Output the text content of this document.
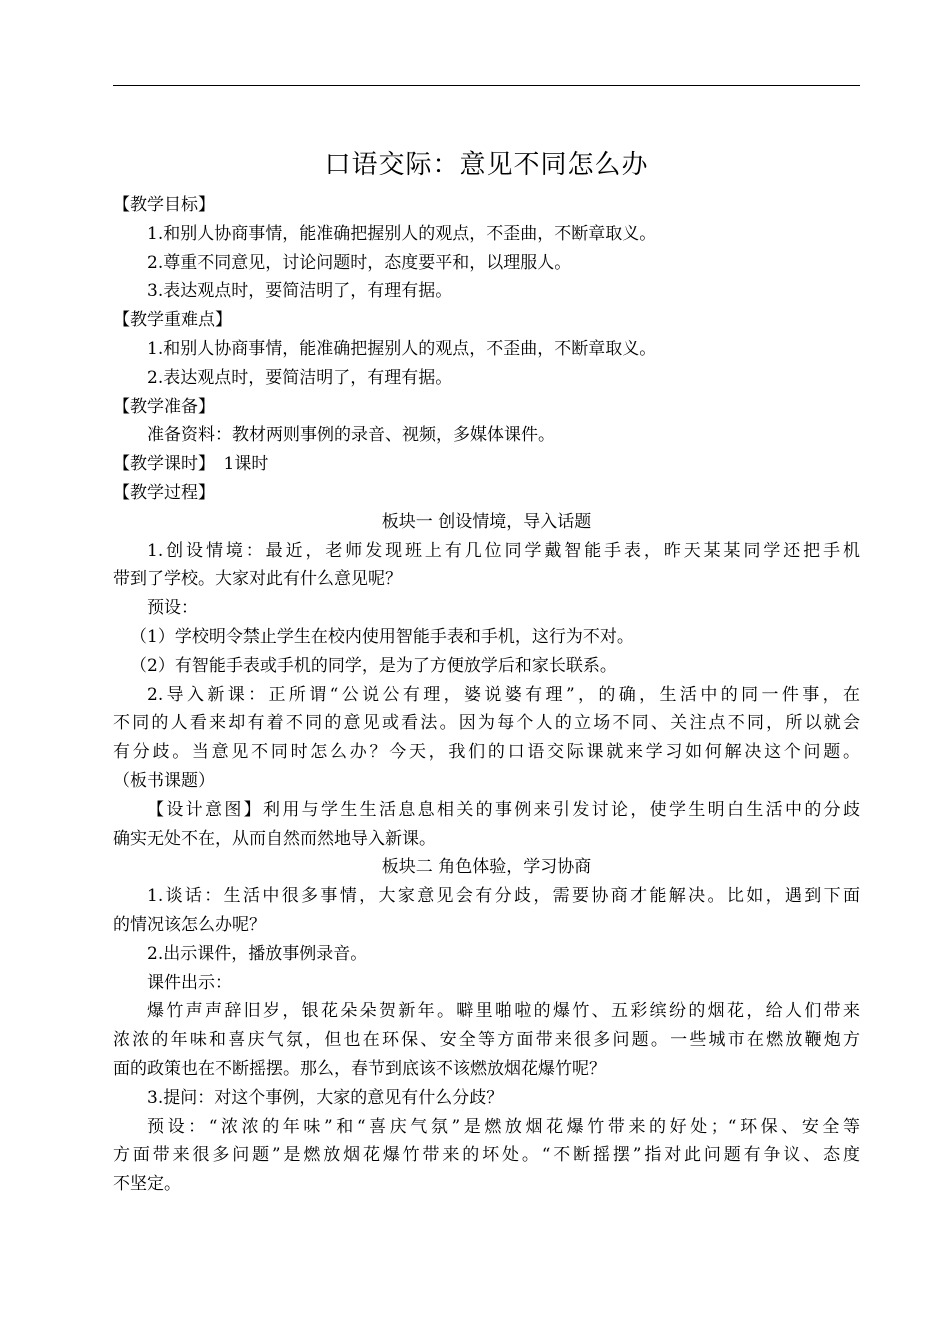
口语交际：意见不同怎么办
【教学目标】
1.和别人协商事情，能准确把握别人的观点，不歪曲，不断章取义。
2.尊重不同意见，讨论问题时，态度要平和，以理服人。
3.表达观点时，要简洁明了，有理有据。
【教学重难点】
1.和别人协商事情，能准确把握别人的观点，不歪曲，不断章取义。
2.表达观点时，要简洁明了，有理有据。
【教学准备】
准备资料：教材两则事例的录音、视频，多媒体课件。
【教学课时】　1课时
【教学过程】
板块一 创设情境，导入话题
1.创设情境：最近，老师发现班上有几位同学戴智能手表，昨天某某同学还把手机
带到了学校。大家对此有什么意见呢？
预设：
（1）学校明令禁止学生在校内使用智能手表和手机，这行为不对。
（2）有智能手表或手机的同学，是为了方便放学后和家长联系。
2.导入新课：正所谓“公说公有理，婆说婆有理”，的确，生活中的同一件事，在
不同的人看来却有着不同的意见或看法。因为每个人的立场不同、关注点不同，所以就会
有分歧。当意见不同时怎么办？今天，我们的口语交际课就来学习如何解决这个问题。
（板书课题）
【设计意图】利用与学生生活息息相关的事例来引发讨论，使学生明白生活中的分歧
确实无处不在，从而自然而然地导入新课。
板块二 角色体验，学习协商
1.谈话：生活中很多事情，大家意见会有分歧，需要协商才能解决。比如，遇到下面
的情况该怎么办呢？
2.出示课件，播放事例录音。
课件出示：
爆竹声声辞旧岁，银花朵朵贺新年。噼里啪啦的爆竹、五彩缤纷的烟花，给人们带来
浓浓的年味和喜庆气氛，但也在环保、安全等方面带来很多问题。一些城市在燃放鞭炮方
面的政策也在不断摇摆。那么，春节到底该不该燃放烟花爆竹呢？
3.提问：对这个事例，大家的意见有什么分歧？
预设：“浓浓的年味”和“喜庆气氛”是燃放烟花爆竹带来的好处；“环保、安全等
方面带来很多问题”是燃放烟花爆竹带来的坏处。“不断摇摆”指对此问题有争议、态度
不坚定。
